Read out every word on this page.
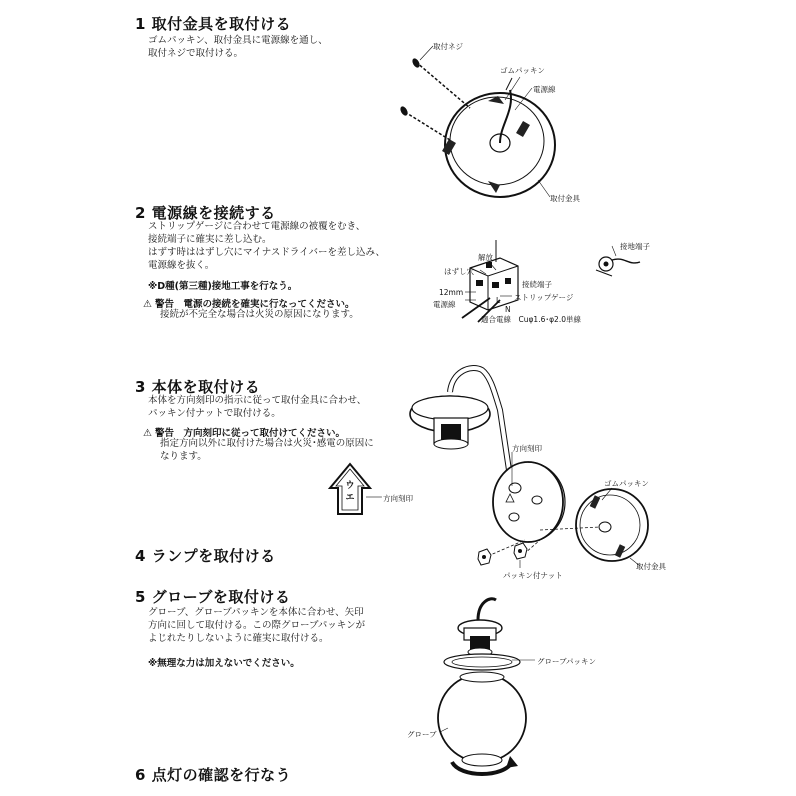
1 取付金具を取付ける
ゴムパッキン、取付金具に電源線を通し、
取付ネジで取付ける。
取付ネジ
ゴムパッキン
電源線
取付金具
2 電源線を接続する
ストリップゲージに合わせて電源線の被覆をむき、
接続端子に確実に差し込む。
はずす時ははずし穴にマイナスドライバーを差し込み、
電源線を抜く。
※D種(第三種)接地工事を行なう。
⚠ 警告　電源の接続を確実に行なってください。
接続が不完全な場合は火災の原因になります。
解放
はずし穴
接続端子
12mm
ストリップゲージ
電源線	L
N
適合電線　Cuφ1.6･φ2.0単線
接地端子
3 本体を取付ける
本体を方向刻印の指示に従って取付金具に合わせ、
パッキン付ナットで取付ける。
⚠ 警告　方向刻印に従って取付けてください。
指定方向以外に取付けた場合は火災･感電の原因に
なります。
ウエ	方向刻印
方向刻印
ゴムパッキン
取付金具
パッキン付ナット
4 ランプを取付ける
5 グローブを取付ける
グローブ、グローブパッキンを本体に合わせ、矢印
方向に回して取付ける。この際グローブパッキンが
よじれたりしないように確実に取付ける。
※無理な力は加えないでください。	グローブパッキン
グローブ
6 点灯の確認を行なう
